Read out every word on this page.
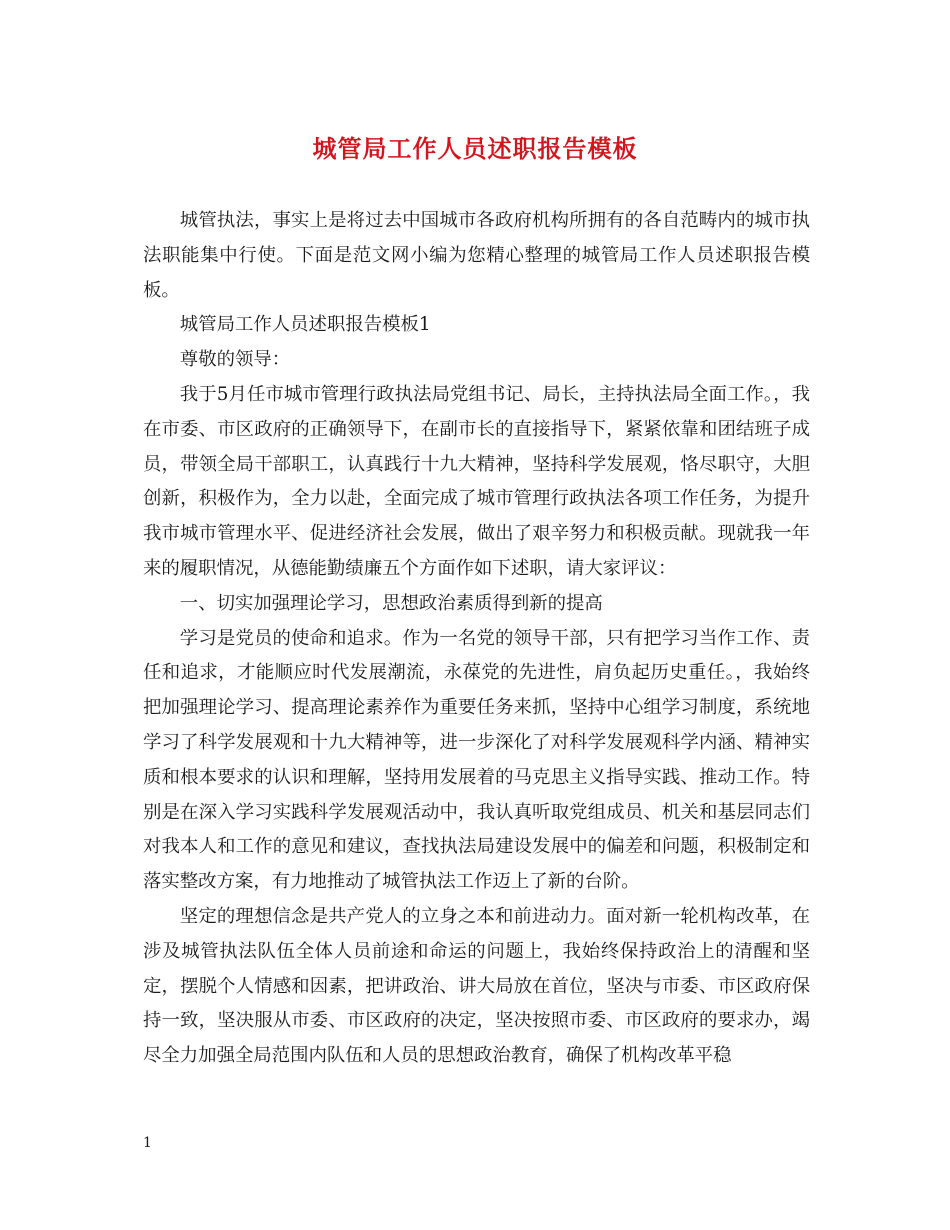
城管局工作人员述职报告模板

城管执法，事实上是将过去中国城市各政府机构所拥有的各自范畴内的城市执法职能集中行使。下面是范文网小编为您精心整理的城管局工作人员述职报告模板。

城管局工作人员述职报告模板1

尊敬的领导：

我于5月任市城市管理行政执法局党组书记、局长，主持执法局全面工作。，我在市委、市区政府的正确领导下，在副市长的直接指导下，紧紧依靠和团结班子成员，带领全局干部职工，认真践行十九大精神，坚持科学发展观，恪尽职守，大胆创新，积极作为，全力以赴，全面完成了城市管理行政执法各项工作任务，为提升我市城市管理水平、促进经济社会发展，做出了艰辛努力和积极贡献。现就我一年来的履职情况，从德能勤绩廉五个方面作如下述职，请大家评议：

一、切实加强理论学习，思想政治素质得到新的提高

学习是党员的使命和追求。作为一名党的领导干部，只有把学习当作工作、责任和追求，才能顺应时代发展潮流，永葆党的先进性，肩负起历史重任。，我始终把加强理论学习、提高理论素养作为重要任务来抓，坚持中心组学习制度，系统地学习了科学发展观和十九大精神等，进一步深化了对科学发展观科学内涵、精神实质和根本要求的认识和理解，坚持用发展着的马克思主义指导实践、推动工作。特别是在深入学习实践科学发展观活动中，我认真听取党组成员、机关和基层同志们对我本人和工作的意见和建议，查找执法局建设发展中的偏差和问题，积极制定和落实整改方案，有力地推动了城管执法工作迈上了新的台阶。

坚定的理想信念是共产党人的立身之本和前进动力。面对新一轮机构改革，在涉及城管执法队伍全体人员前途和命运的问题上，我始终保持政治上的清醒和坚定，摆脱个人情感和因素，把讲政治、讲大局放在首位，坚决与市委、市区政府保持一致，坚决服从市委、市区政府的决定，坚决按照市委、市区政府的要求办，竭尽全力加强全局范围内队伍和人员的思想政治教育，确保了机构改革平稳

1
